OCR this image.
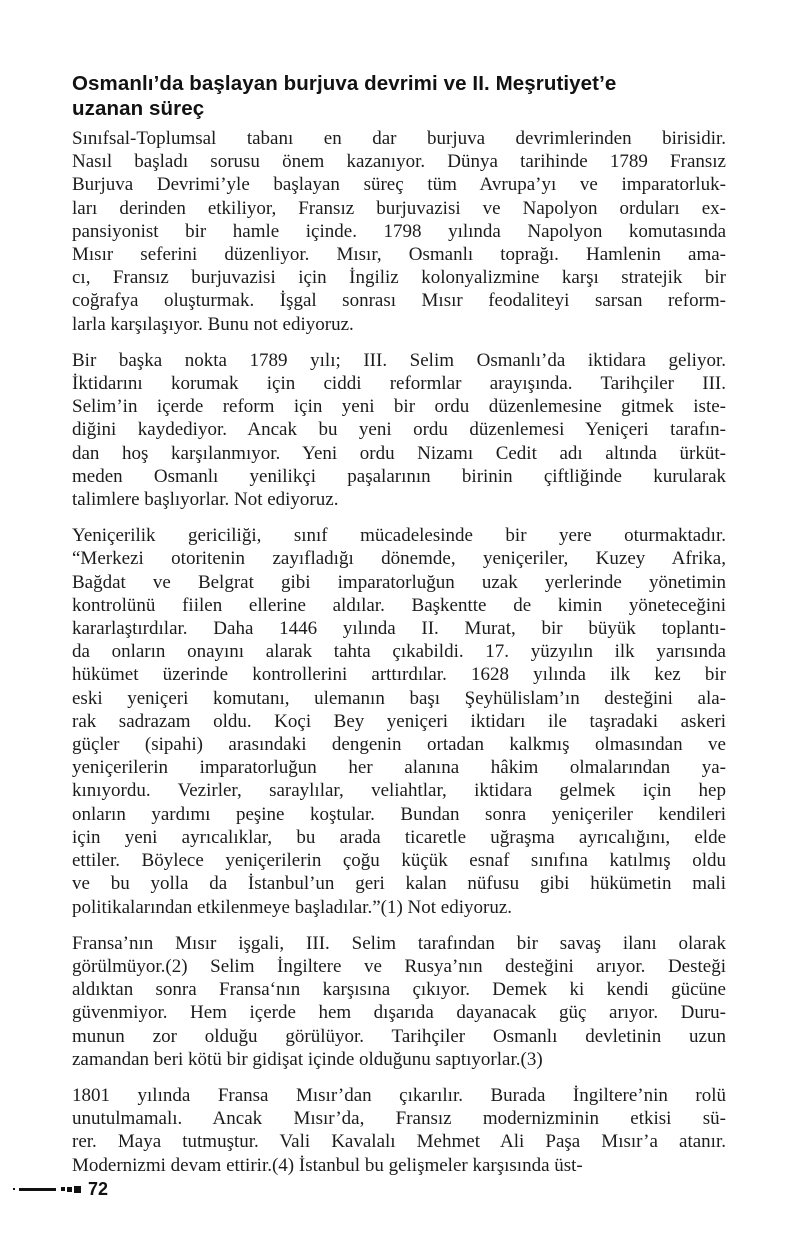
Osmanlı’da başlayan burjuva devrimi ve II. Meşrutiyet’e
uzanan süreç

Sınıfsal-Toplumsal tabanı en dar burjuva devrimlerinden birisidir.
Nasıl başladı sorusu önem kazanıyor. Dünya tarihinde 1789 Fransız
Burjuva Devrimi’yle başlayan süreç tüm Avrupa’yı ve imparatorluk-
ları derinden etkiliyor, Fransız burjuvazisi ve Napolyon orduları ex-
pansiyonist bir hamle içinde. 1798 yılında Napolyon komutasında
Mısır seferini düzenliyor. Mısır, Osmanlı toprağı. Hamlenin ama-
cı, Fransız burjuvazisi için İngiliz kolonyalizmine karşı stratejik bir
coğrafya oluşturmak. İşgal sonrası Mısır feodaliteyi sarsan reform-
larla karşılaşıyor. Bunu not ediyoruz.

Bir başka nokta 1789 yılı; III. Selim Osmanlı’da iktidara geliyor.
İktidarını korumak için ciddi reformlar arayışında. Tarihçiler III.
Selim’in içerde reform için yeni bir ordu düzenlemesine gitmek iste-
diğini kaydediyor. Ancak bu yeni ordu düzenlemesi Yeniçeri tarafın-
dan hoş karşılanmıyor. Yeni ordu Nizamı Cedit adı altında ürküt-
meden Osmanlı yenilikçi paşalarının birinin çiftliğinde kurularak
talimlere başlıyorlar. Not ediyoruz.

Yeniçerilik gericiliği, sınıf mücadelesinde bir yere oturmaktadır.
“Merkezi otoritenin zayıfladığı dönemde, yeniçeriler, Kuzey Afrika,
Bağdat ve Belgrat gibi imparatorluğun uzak yerlerinde yönetimin
kontrolünü fiilen ellerine aldılar. Başkentte de kimin yöneteceğini
kararlaştırdılar. Daha 1446 yılında II. Murat, bir büyük toplantı-
da onların onayını alarak tahta çıkabildi. 17. yüzyılın ilk yarısında
hükümet üzerinde kontrollerini arttırdılar. 1628 yılında ilk kez bir
eski yeniçeri komutanı, ulemanın başı Şeyhülislam’ın desteğini ala-
rak sadrazam oldu. Koçi Bey yeniçeri iktidarı ile taşradaki askeri
güçler (sipahi) arasındaki dengenin ortadan kalkmış olmasından ve
yeniçerilerin imparatorluğun her alanına hâkim olmalarından ya-
kınıyordu. Vezirler, saraylılar, veliahtlar, iktidara gelmek için hep
onların yardımı peşine koştular. Bundan sonra yeniçeriler kendileri
için yeni ayrıcalıklar, bu arada ticaretle uğraşma ayrıcalığını, elde
ettiler. Böylece yeniçerilerin çoğu küçük esnaf sınıfına katılmış oldu
ve bu yolla da İstanbul’un geri kalan nüfusu gibi hükümetin mali
politikalarından etkilenmeye başladılar.”(1) Not ediyoruz.

Fransa’nın Mısır işgali, III. Selim tarafından bir savaş ilanı olarak
görülmüyor.(2) Selim İngiltere ve Rusya’nın desteğini arıyor. Desteği
aldıktan sonra Fransa‘nın karşısına çıkıyor. Demek ki kendi gücüne
güvenmiyor. Hem içerde hem dışarıda dayanacak güç arıyor. Duru-
munun zor olduğu görülüyor. Tarihçiler Osmanlı devletinin uzun
zamandan beri kötü bir gidişat içinde olduğunu saptıyorlar.(3)

1801 yılında Fransa Mısır’dan çıkarılır. Burada İngiltere’nin rolü
unutulmamalı. Ancak Mısır’da, Fransız modernizminin etkisi sü-
rer. Maya tutmuştur. Vali Kavalalı Mehmet Ali Paşa Mısır’a atanır.
Modernizmi devam ettirir.(4) İstanbul bu gelişmeler karşısında üst-

72
